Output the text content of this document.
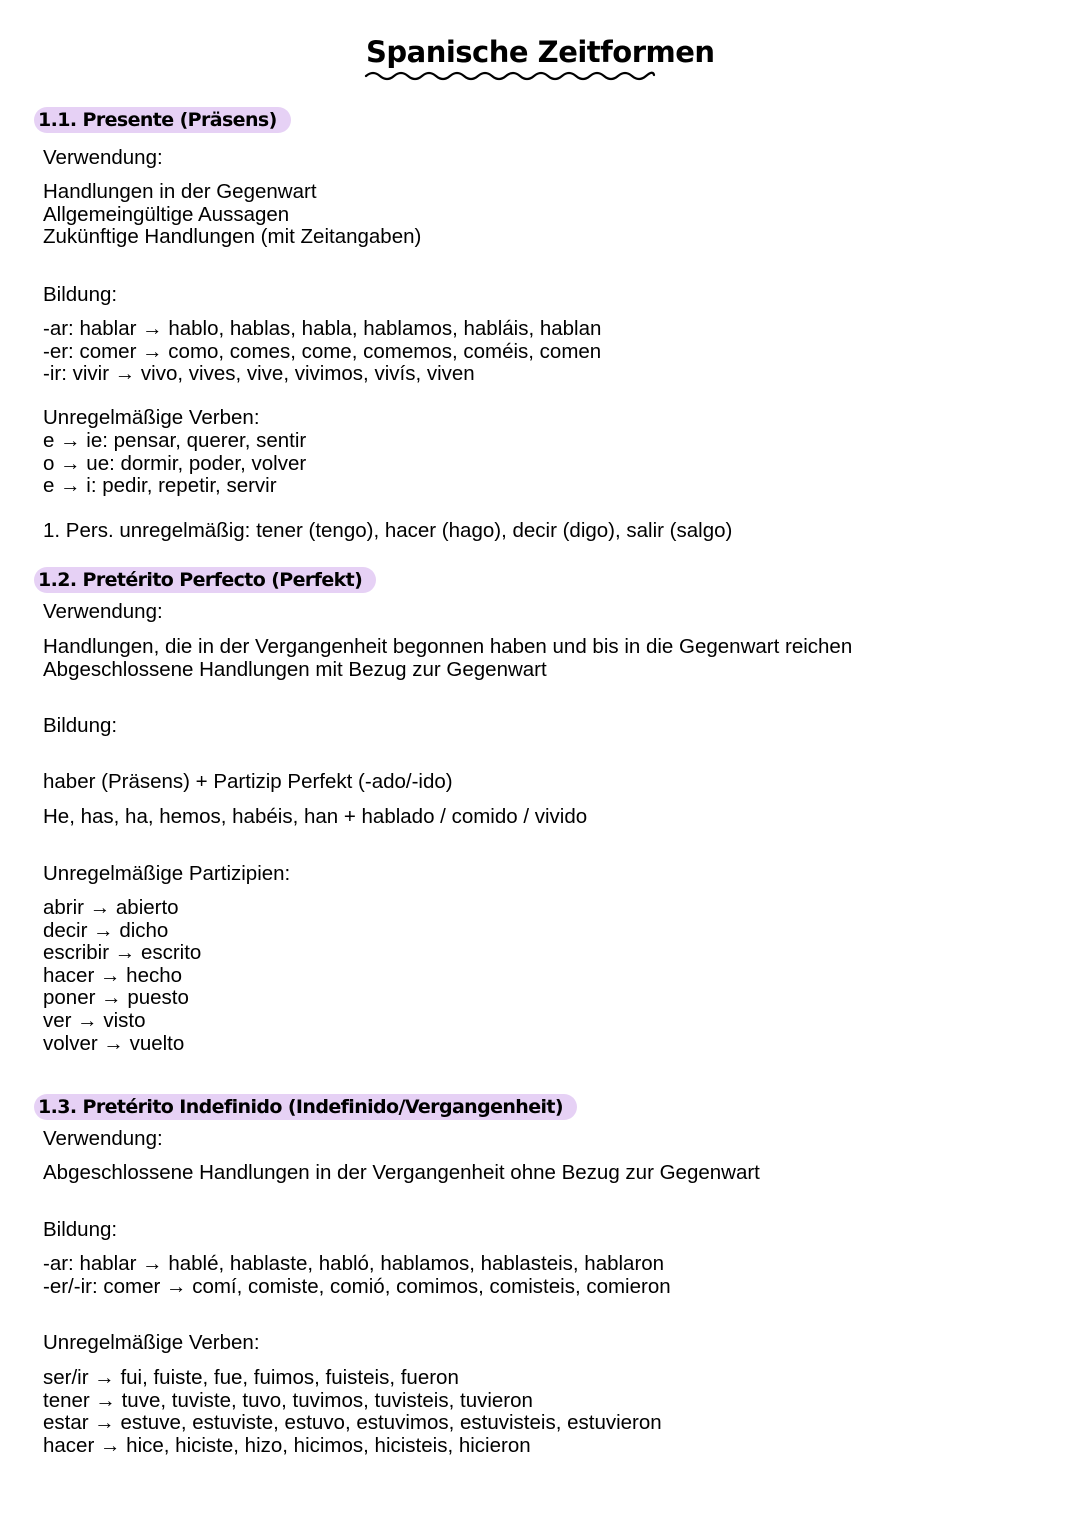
Spanische Zeitformen
1.1. Presente (Präsens)

Verwendung:

Handlungen in der Gegenwart

Allgemeingültige Aussagen

Zukünftige Handlungen (mit Zeitangaben)

Bildung:

-ar: hablar → hablo, hablas, habla, hablamos, habláis, hablan

-er: comer → como, comes, come, comemos, coméis, comen

-ir: vivir → vivo, vives, vive, vivimos, vivís, viven

Unregelmäßige Verben:

e → ie: pensar, querer, sentir

o → ue: dormir, poder, volver

e → i: pedir, repetir, servir

1. Pers. unregelmäßig: tener (tengo), hacer (hago), decir (digo), salir (salgo)

1.2. Pretérito Perfecto (Perfekt)

Verwendung:

Handlungen, die in der Vergangenheit begonnen haben und bis in die Gegenwart reichen

Abgeschlossene Handlungen mit Bezug zur Gegenwart

Bildung:

haber (Präsens) + Partizip Perfekt (-ado/-ido)

He, has, ha, hemos, habéis, han + hablado / comido / vivido

Unregelmäßige Partizipien:

abrir → abierto

decir → dicho

escribir → escrito

hacer → hecho

poner → puesto

ver → visto

volver → vuelto

1.3. Pretérito Indefinido (Indefinido/Vergangenheit)

Verwendung:

Abgeschlossene Handlungen in der Vergangenheit ohne Bezug zur Gegenwart

Bildung:

-ar: hablar → hablé, hablaste, habló, hablamos, hablasteis, hablaron

-er/-ir: comer → comí, comiste, comió, comimos, comisteis, comieron

Unregelmäßige Verben:

ser/ir → fui, fuiste, fue, fuimos, fuisteis, fueron

tener → tuve, tuviste, tuvo, tuvimos, tuvisteis, tuvieron

estar → estuve, estuviste, estuvo, estuvimos, estuvisteis, estuvieron

hacer → hice, hiciste, hizo, hicimos, hicisteis, hicieron
